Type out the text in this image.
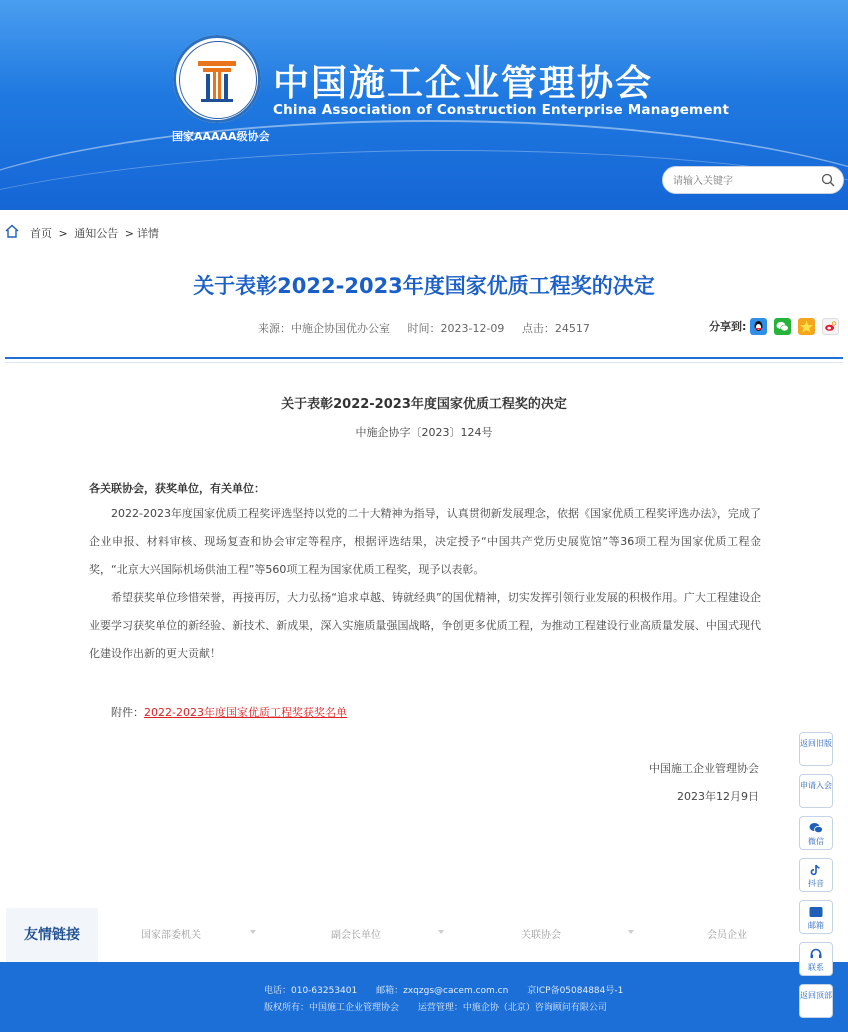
中国施工企业管理协会
China Association of Construction Enterprise Management
国家AAAAA级协会
请输入关键字
首页 > 通知公告 > 详情
关于表彰2022-2023年度国家优质工程奖的决定
来源：中施企协国优办公室 时间：2023-12-09 点击：24517	分享到:
关于表彰2022-2023年度国家优质工程奖的决定
中施企协字〔2023〕124号
各关联协会，获奖单位，有关单位：
2022-2023年度国家优质工程奖评选坚持以党的二十大精神为指导，认真贯彻新发展理念，依据《国家优质工程奖评选办法》，完成了企业申报、材料审核、现场复查和协会审定等程序，根据评选结果，决定授予“中国共产党历史展览馆”等36项工程为国家优质工程金奖，“北京大兴国际机场供油工程”等560项工程为国家优质工程奖，现予以表彰。
希望获奖单位珍惜荣誉，再接再厉，大力弘扬“追求卓越、铸就经典”的国优精神，切实发挥引领行业发展的积极作用。广大工程建设企业要学习获奖单位的新经验、新技术、新成果，深入实施质量强国战略，争创更多优质工程，为推动工程建设行业高质量发展、中国式现代化建设作出新的更大贡献！
附件：2022-2023年度国家优质工程奖获奖名单
中国施工企业管理协会
2023年12月9日
友情链接	国家部委机关	副会长单位	关联协会	会员企业
电话：010-63253401 邮箱：zxqzgs@cacem.com.cn 京ICP备05084884号-1
版权所有：中国施工企业管理协会 运营管理：中施企协（北京）咨询顾问有限公司
返回旧版
申请入会
微信
抖音
邮箱
联系
返回顶部
